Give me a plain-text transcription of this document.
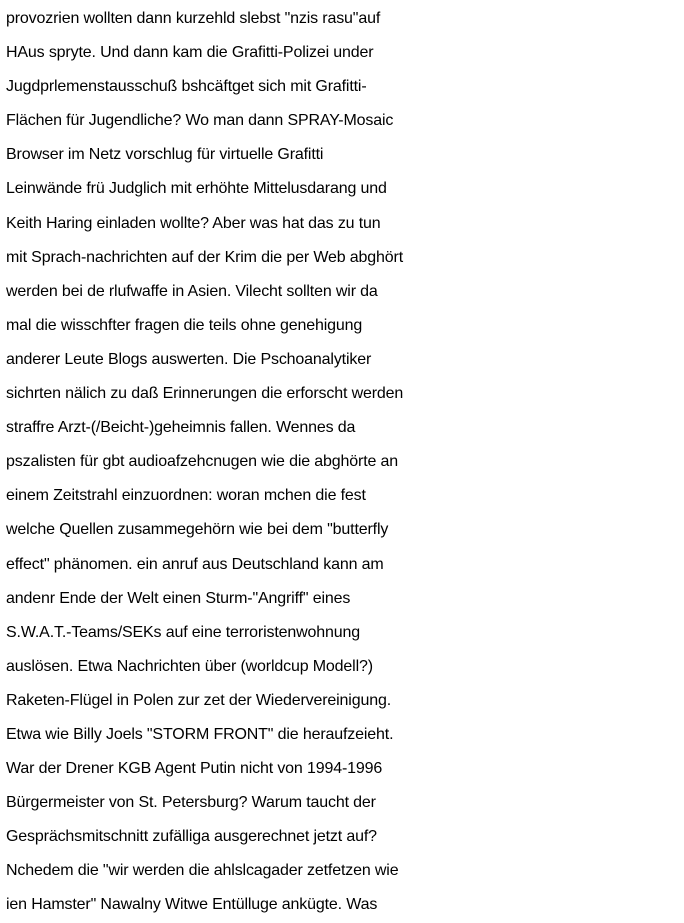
provozrien wollten dann kurzehld slebst "nzis rasu"auf
HAus spryte. Und dann kam die Grafitti-Polizei under
Jugdprlemenstausschuß bshcäftget sich mit Grafitti-
Flächen für Jugendliche? Wo man dann SPRAY-Mosaic
Browser im Netz vorschlug für virtuelle Grafitti
Leinwände frü Judglich mit erhöhte Mittelusdarang und
Keith Haring einladen wollte? Aber was hat das zu tun
mit Sprach-nachrichten auf der Krim die per Web abghört
werden bei de rlufwaffe in Asien. Vilecht sollten wir da
mal die wisschfter fragen die teils ohne genehigung
anderer Leute Blogs auswerten. Die Pschoanalytiker
sichrten nälich zu daß Erinnerungen die erforscht werden
straffre Arzt-(/Beicht-)geheimnis fallen. Wennes da
pszalisten für gbt audioafzehcnugen wie die abghörte an
einem Zeitstrahl einzuordnen: woran mchen die fest
welche Quellen zusammegehörn wie bei dem "butterfly
effect" phänomen. ein anruf aus Deutschland kann am
andenr Ende der Welt einen Sturm-"Angriff" eines
S.W.A.T.-Teams/SEKs auf eine terroristenwohnung
auslösen. Etwa Nachrichten über (worldcup Modell?)
Raketen-Flügel in Polen zur zet der Wiedervereinigung.
Etwa wie Billy Joels "STORM FRONT" die heraufzeieht.
War der Drener KGB Agent Putin nicht von 1994-1996
Bürgermeister von St. Petersburg? Warum taucht der
Gesprächsmitschnitt zufälliga ausgerechnet jetzt auf?
Nchedem die "wir werden die ahlslcagader zetfetzen wie
ien Hamster" Nawalny Witwe Entülluge ankügte. Was
